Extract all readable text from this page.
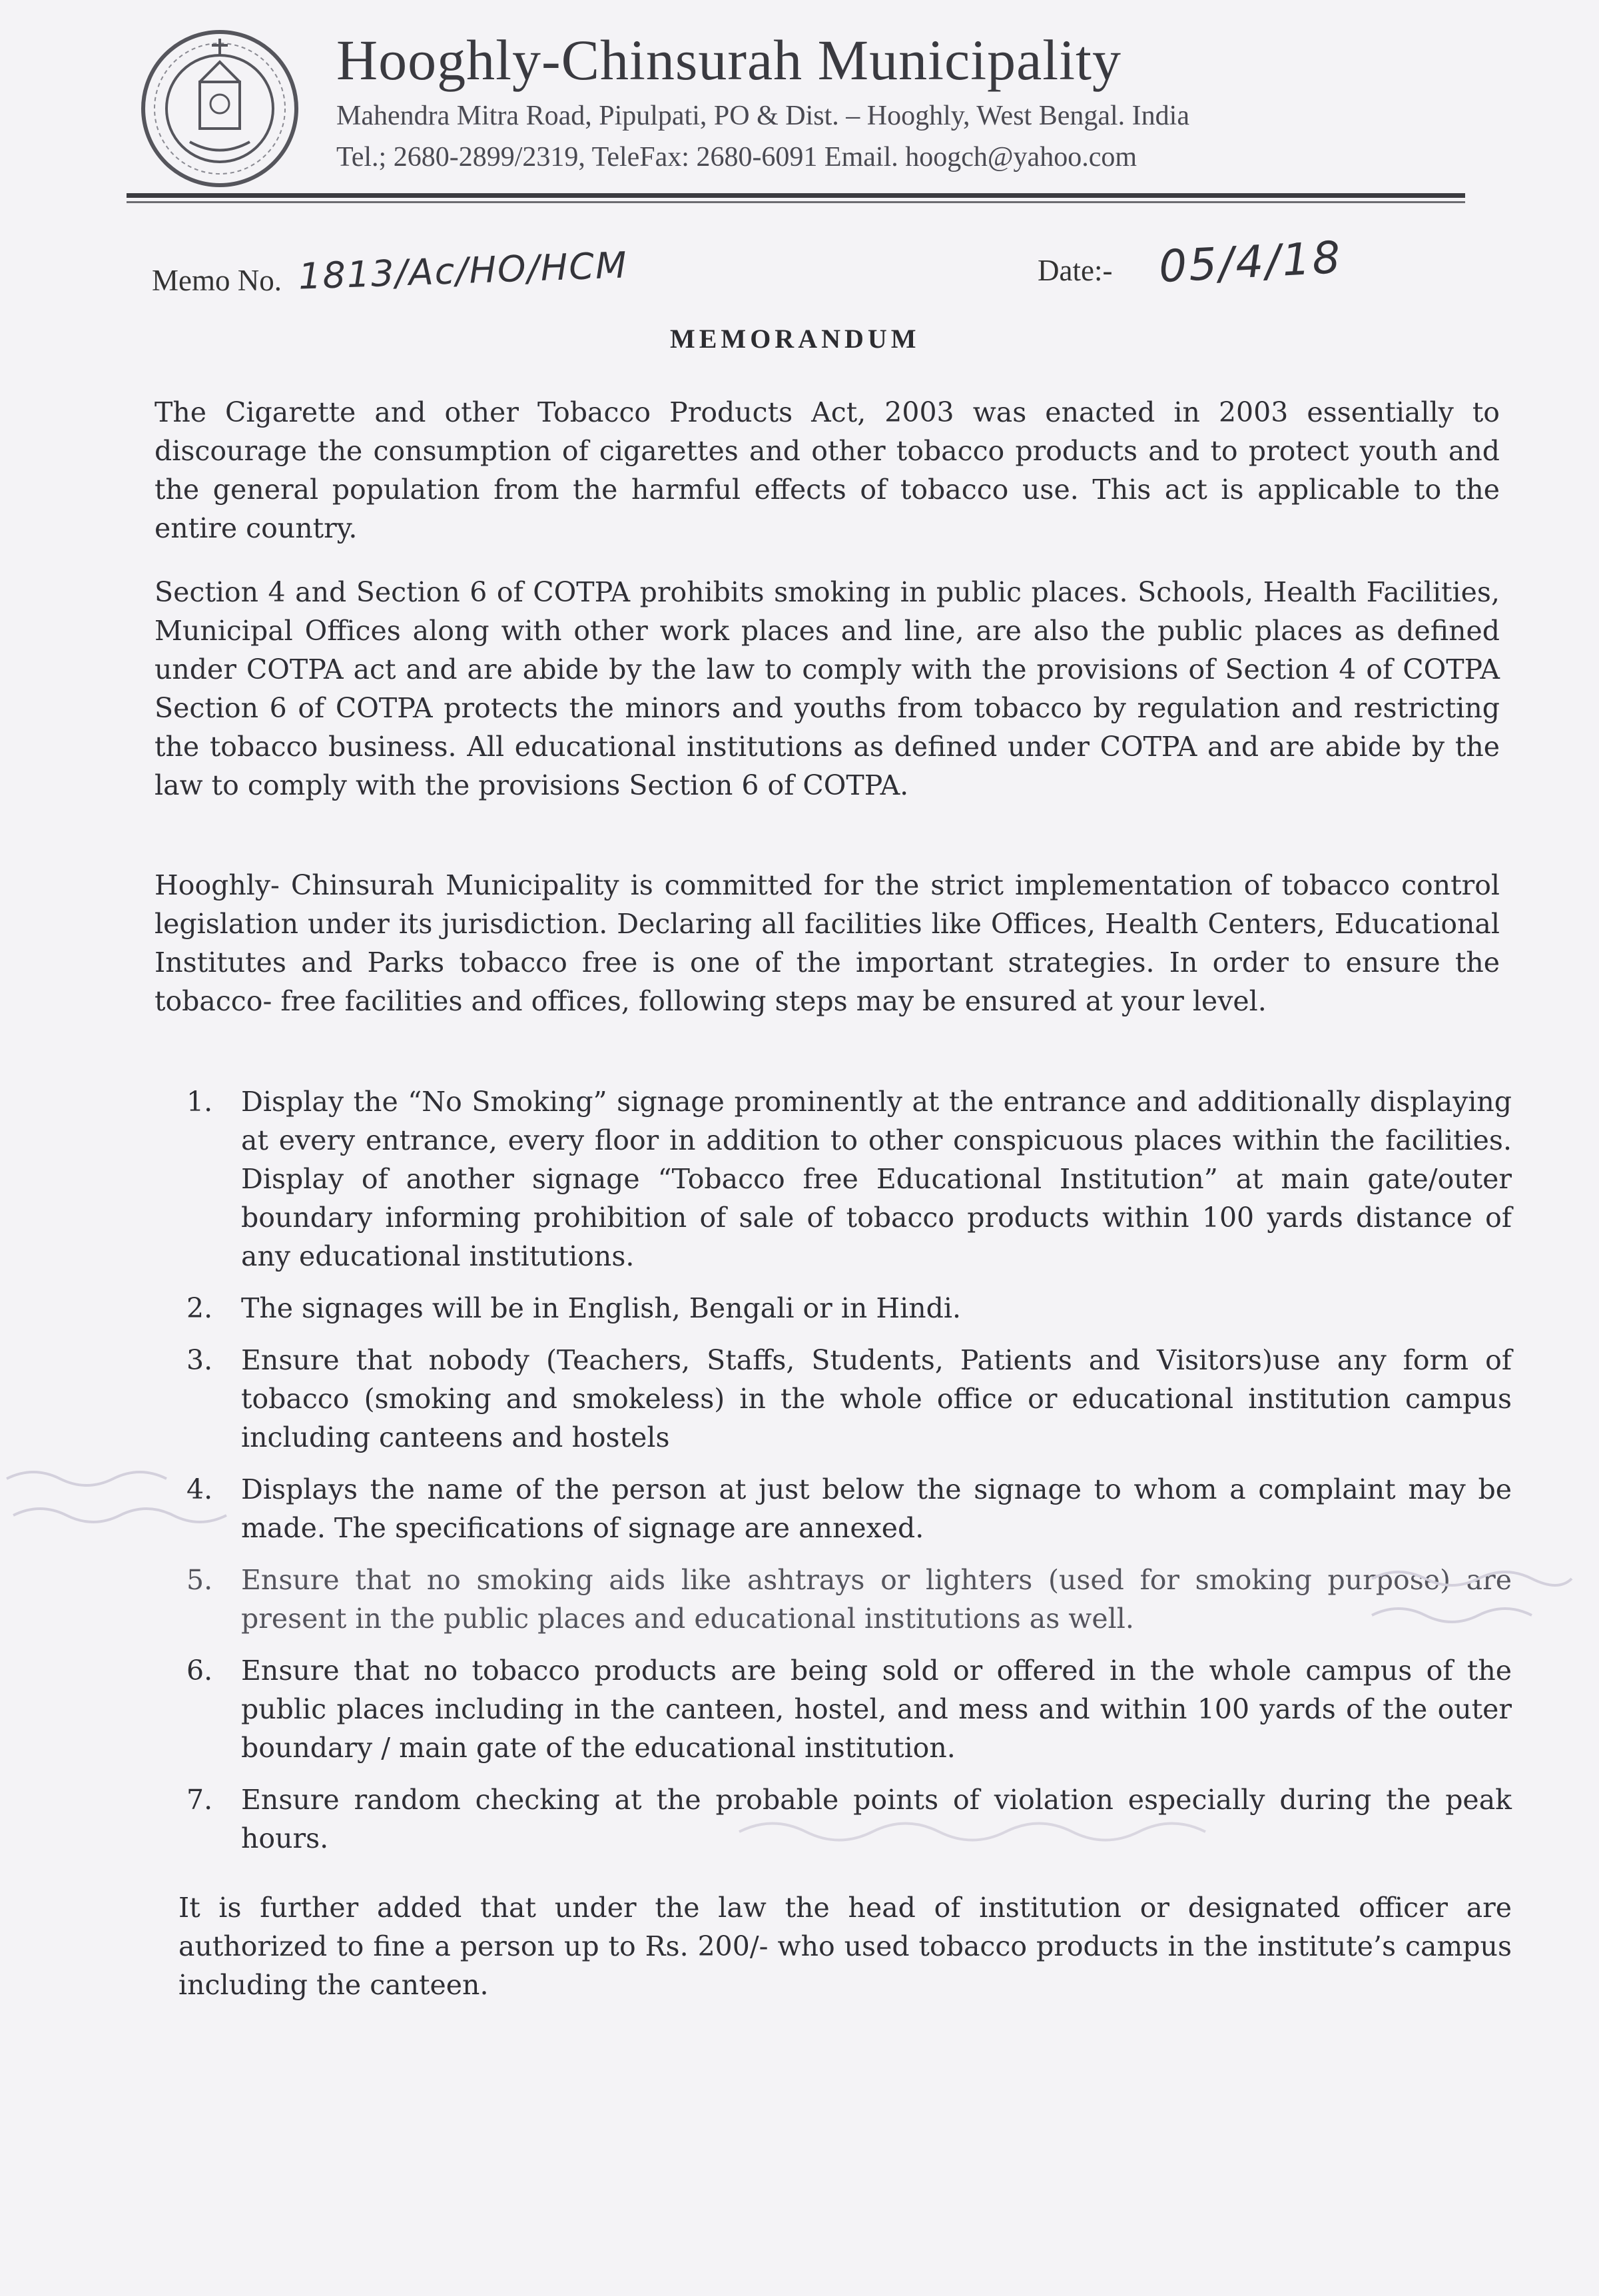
Hooghly-Chinsurah Municipality
Mahendra Mitra Road, Pipulpati, PO & Dist. – Hooghly, West Bengal. India
Tel.; 2680-2899/2319, TeleFax: 2680-6091 Email. hoogch@yahoo.com
Memo No. 1813/Ac/HO/HCM	Date:- 05/4/18
MEMORANDUM
The Cigarette and other Tobacco Products Act, 2003 was enacted in 2003 essentially to discourage the consumption of cigarettes and other tobacco products and to protect youth and the general population from the harmful effects of tobacco use. This act is applicable to the entire country.
Section 4 and Section 6 of COTPA prohibits smoking in public places. Schools, Health Facilities, Municipal Offices along with other work places and line, are also the public places as defined under COTPA act and are abide by the law to comply with the provisions of Section 4 of COTPA Section 6 of COTPA protects the minors and youths from tobacco by regulation and restricting the tobacco business. All educational institutions as defined under COTPA and are abide by the law to comply with the provisions Section 6 of COTPA.
Hooghly- Chinsurah Municipality is committed for the strict implementation of tobacco control legislation under its jurisdiction. Declaring all facilities like Offices, Health Centers, Educational Institutes and Parks tobacco free is one of the important strategies. In order to ensure the tobacco- free facilities and offices, following steps may be ensured at your level.
1.	Display the “No Smoking” signage prominently at the entrance and additionally displaying at every entrance, every floor in addition to other conspicuous places within the facilities. Display of another signage “Tobacco free Educational Institution” at main gate/outer boundary informing prohibition of sale of tobacco products within 100 yards distance of any educational institutions.
2.	The signages will be in English, Bengali or in Hindi.
3.	Ensure that nobody (Teachers, Staffs, Students, Patients and Visitors)use any form of tobacco (smoking and smokeless) in the whole office or educational institution campus including canteens and hostels
4.	Displays the name of the person at just below the signage to whom a complaint may be made. The specifications of signage are annexed.
5.	Ensure that no smoking aids like ashtrays or lighters (used for smoking purpose) are present in the public places and educational institutions as well.
6.	Ensure that no tobacco products are being sold or offered in the whole campus of the public places including in the canteen, hostel, and mess and within 100 yards of the outer boundary / main gate of the educational institution.
7.	Ensure random checking at the probable points of violation especially during the peak hours.
It is further added that under the law the head of institution or designated officer are authorized to fine a person up to Rs. 200/- who used tobacco products in the institute’s campus including the canteen.
